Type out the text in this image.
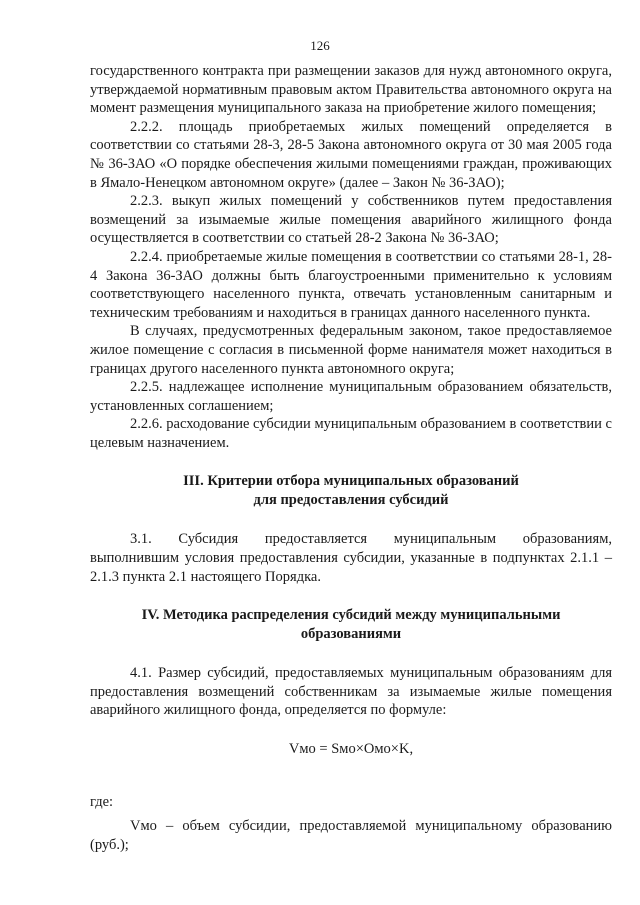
126

государственного контракта при размещении заказов для нужд автономного округа, утверждаемой нормативным правовым актом Правительства автономного округа на момент размещения муниципального заказа на приобретение жилого помещения;

2.2.2. площадь приобретаемых жилых помещений определяется в соответствии со статьями 28-3, 28-5 Закона автономного округа от 30 мая 2005 года № 36-ЗАО «О порядке обеспечения жилыми помещениями граждан, проживающих в Ямало-Ненецком автономном округе» (далее – Закон № 36-ЗАО);

2.2.3. выкуп жилых помещений у собственников путем предоставления возмещений за изымаемые жилые помещения аварийного жилищного фонда осуществляется в соответствии со статьей 28-2 Закона № 36-ЗАО;

2.2.4. приобретаемые жилые помещения в соответствии со статьями 28-1, 28-4 Закона 36-ЗАО должны быть благоустроенными применительно к условиям соответствующего населенного пункта, отвечать установленным санитарным и техническим требованиям и находиться в границах данного населенного пункта.

В случаях, предусмотренных федеральным законом, такое предоставляемое жилое помещение с согласия в письменной форме нанимателя может находиться в границах другого населенного пункта автономного округа;

2.2.5. надлежащее исполнение муниципальным образованием обязательств, установленных соглашением;

2.2.6. расходование субсидии муниципальным образованием в соответствии с целевым назначением.

III. Критерии отбора муниципальных образований

для предоставления субсидий

3.1. Субсидия предоставляется муниципальным образованиям, выполнившим условия предоставления субсидии, указанные в подпунктах 2.1.1 – 2.1.3 пункта 2.1 настоящего Порядка.

IV. Методика распределения субсидий между муниципальными

образованиями

4.1. Размер субсидий, предоставляемых муниципальным образованиям для предоставления возмещений собственникам за изымаемые жилые помещения аварийного жилищного фонда, определяется по формуле:

Vмо = Sмо×Омо×K,

где:

Vмо – объем субсидии, предоставляемой муниципальному образованию (руб.);
